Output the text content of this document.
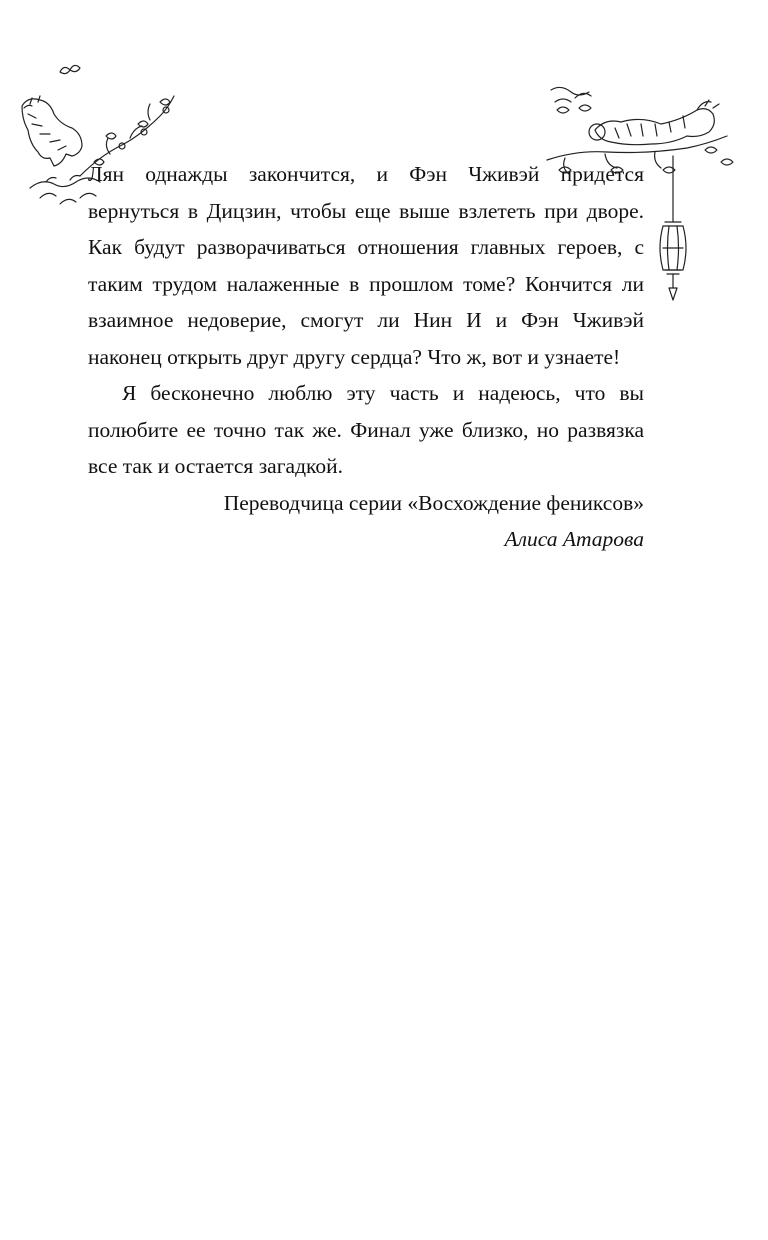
Лян однажды закончится, и Фэн Чживэй придется вернуться в Дицзин, чтобы еще выше взлететь при дворе. Как будут разворачиваться отношения главных героев, с таким трудом налаженные в прошлом томе? Кончится ли взаимное недоверие, смогут ли Нин И и Фэн Чживэй наконец открыть друг другу сердца? Что ж, вот и узнаете!

Я бесконечно люблю эту часть и надеюсь, что вы полюбите ее точно так же. Финал уже близко, но развязка все так и остается загадкой.

Переводчица серии «Восхождение фениксов»

Алиса Атарова
